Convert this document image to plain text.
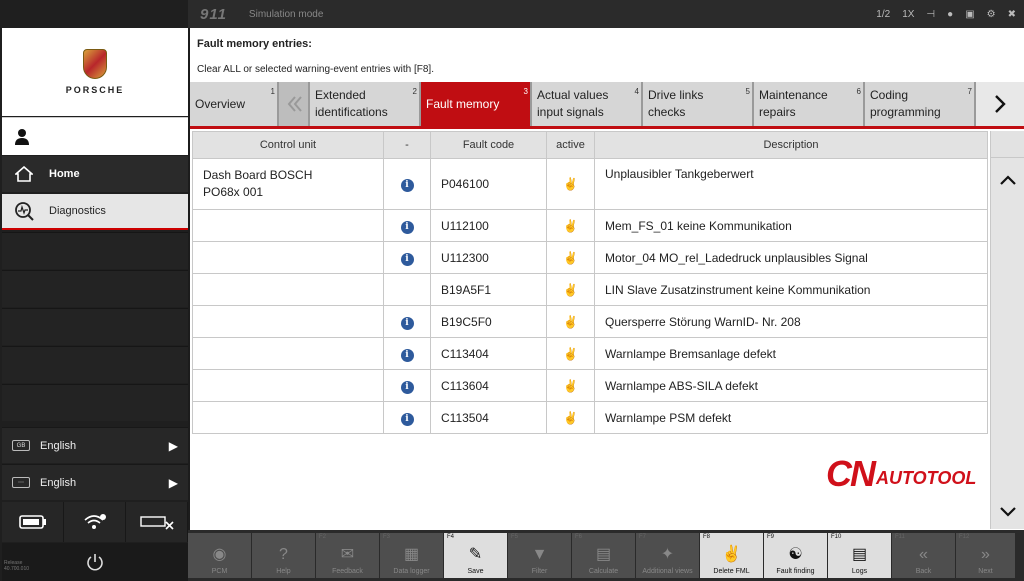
PORSCHE
Home
Diagnostics
GB	English	▶
⋯	English	▶
Release
40.700.010
911 Simulation mode	1/2 1X ⊣ ● ▣ ⚙ ✖
Fault memory entries:
Clear ALL or selected warning-event entries with [F8].
1
Overview
2
Extended
identifications
3
Fault memory
4
Actual values
input signals
5
Drive links
checks
6
Maintenance
repairs
7
Coding
programming
Control unit	-	Fault code	active	Description

Dash Board BOSCH
PO68x 001	i	P046100	✌	Unplausibler Tankgeberwert
	i	U112100	✌	Mem_FS_01 keine Kommunikation
	i	U112300	✌	Motor_04 MO_rel_Ladedruck unplausibles Signal
		B19A5F1	✌	LIN Slave Zusatzinstrument keine Kommunikation
	i	B19C5F0	✌	Quersperre Störung WarnID- Nr. 208
	i	C113404	✌	Warnlampe Bremsanlage defekt
	i	C113604	✌	Warnlampe ABS-SILA defekt
	i	C113504	✌	Warnlampe PSM defekt
CN AUTOTOOL
◉
PCM
?
Help
F2
✉
Feedback
F3
▦
Data logger
F4
✎
Save
F5
▼
Filter
F6
▤
Calculate
F7
✦
Additional views
F8
✌
Delete FML
F9
☯
Fault finding
F10
▤
Logs
F11
«
Back
F12
»
Next
